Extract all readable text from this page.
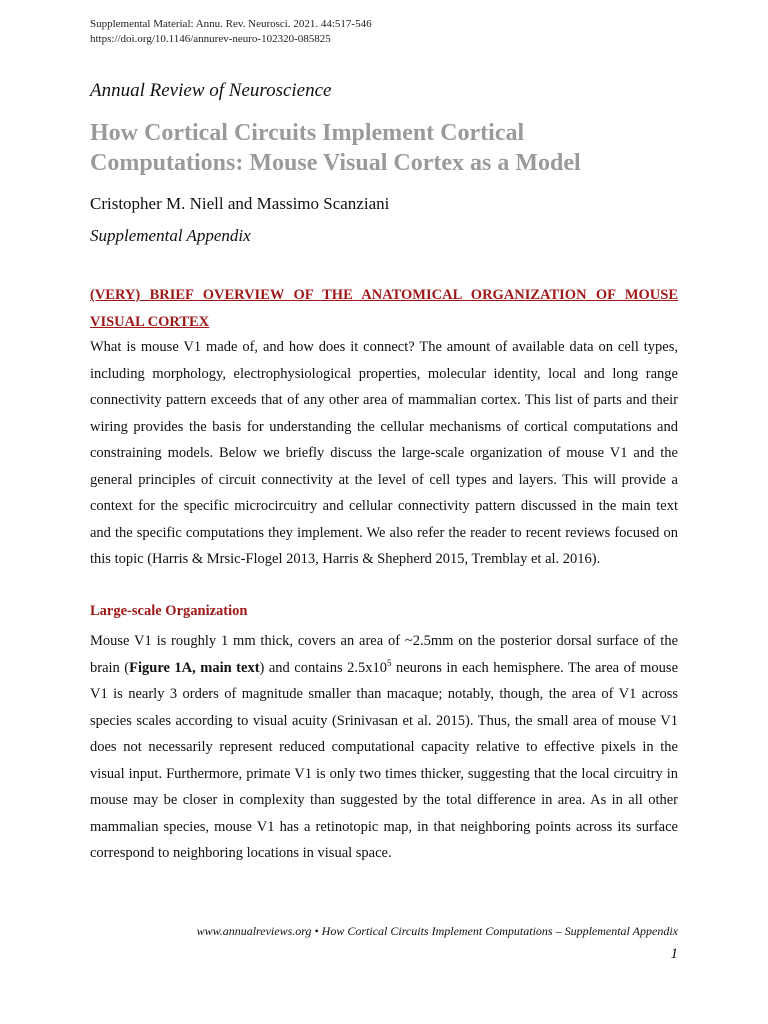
Supplemental Material: Annu. Rev. Neurosci. 2021. 44:517-546
https://doi.org/10.1146/annurev-neuro-102320-085825
Annual Review of Neuroscience
How Cortical Circuits Implement Cortical Computations: Mouse Visual Cortex as a Model
Cristopher M. Niell and Massimo Scanziani
Supplemental Appendix
(VERY) BRIEF OVERVIEW OF THE ANATOMICAL ORGANIZATION OF MOUSE VISUAL CORTEX

What is mouse V1 made of, and how does it connect? The amount of available data on cell types, including morphology, electrophysiological properties, molecular identity, local and long range connectivity pattern exceeds that of any other area of mammalian cortex. This list of parts and their wiring provides the basis for understanding the cellular mechanisms of cortical computations and constraining models. Below we briefly discuss the large-scale organization of mouse V1 and the general principles of circuit connectivity at the level of cell types and layers. This will provide a context for the specific microcircuitry and cellular connectivity pattern discussed in the main text and the specific computations they implement. We also refer the reader to recent reviews focused on this topic (Harris & Mrsic-Flogel 2013, Harris & Shepherd 2015, Tremblay et al. 2016).

Large-scale Organization

Mouse V1 is roughly 1 mm thick, covers an area of ~2.5mm on the posterior dorsal surface of the brain (Figure 1A, main text) and contains $2.5x10^5$ neurons in each hemisphere. The area of mouse V1 is nearly 3 orders of magnitude smaller than macaque; notably, though, the area of V1 across species scales according to visual acuity (Srinivasan et al. 2015). Thus, the small area of mouse V1 does not necessarily represent reduced computational capacity relative to effective pixels in the visual input. Furthermore, primate V1 is only two times thicker, suggesting that the local circuitry in mouse may be closer in complexity than suggested by the total difference in area. As in all other mammalian species, mouse V1 has a retinotopic map, in that neighboring points across its surface correspond to neighboring locations in visual space.

www.annualreviews.org • How Cortical Circuits Implement Computations – Supplemental Appendix
1
